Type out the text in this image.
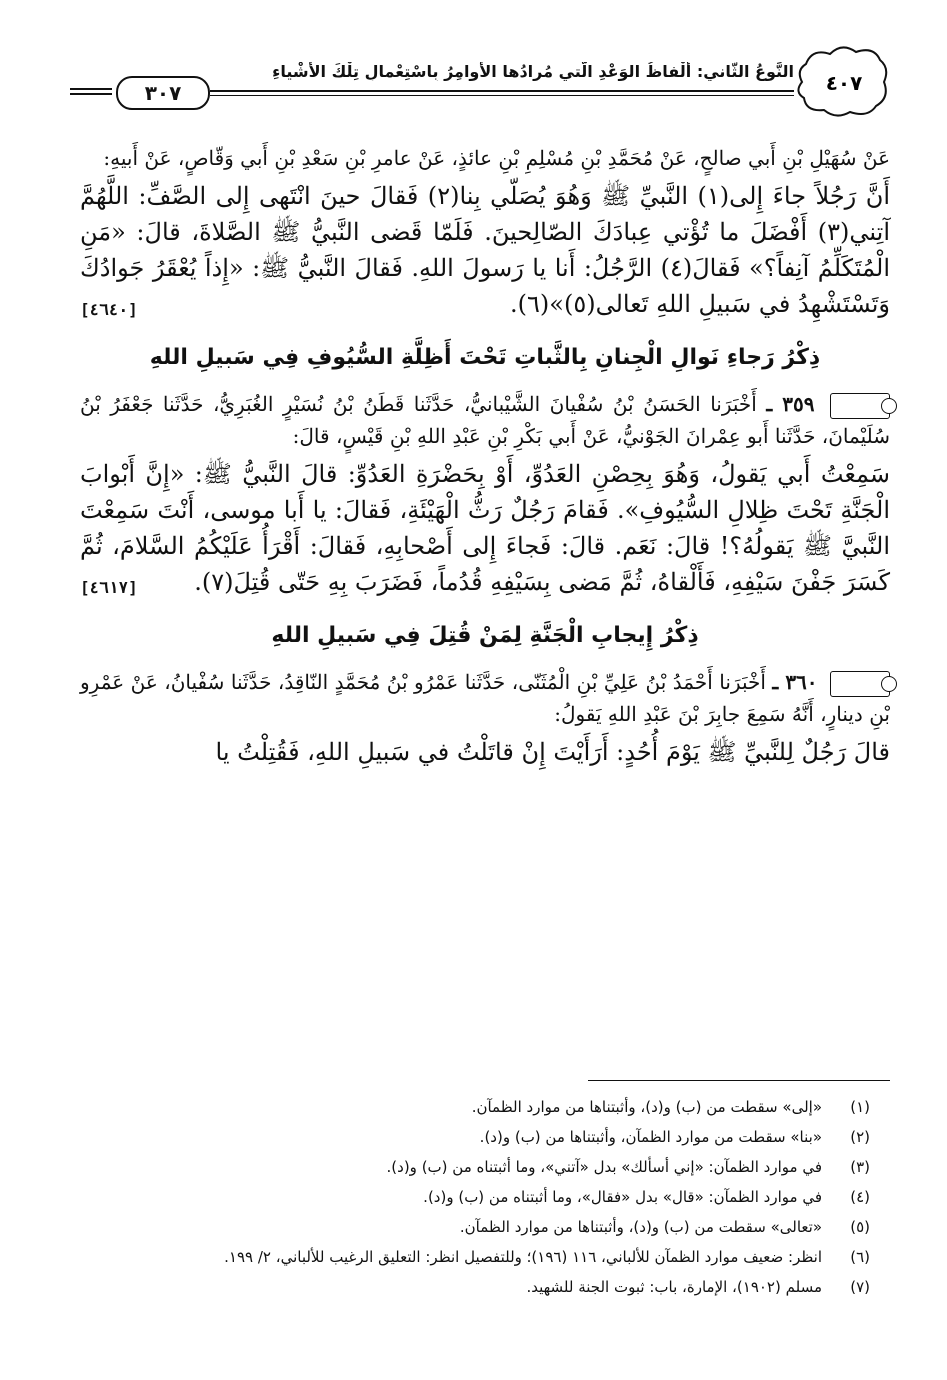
٤٠٧
النَّوعُ الثَّاني: أَلْفاظُ الوَعْدِ الَّتي مُرادُها الأَوامِرُ بِاسْتِعْمالِ تِلْكَ الأَشْياءِ
٣٠٧

عَنْ سُهَيْلِ بْنِ أَبي صالحٍ، عَنْ مُحَمَّدِ بْنِ مُسْلِمِ بْنِ عائذٍ، عَنْ عامرِ بْنِ سَعْدِ بْنِ أَبي وَقّاصٍ، عَنْ أَبيهِ:

أَنَّ رَجُلاً جاءَ إِلى(١) النَّبيِّ ﷺ وَهُوَ يُصَلّي بِنا(٢) فَقالَ حينَ انْتَهى إِلى الصَّفِّ: اللَّهُمَّ آتِني(٣) أَفْضَلَ ما تُؤْتي عِبادَكَ الصّالِحينَ. فَلَمّا قَضى النَّبيُّ ﷺ الصَّلاةَ، قالَ: «مَنِ الْمُتَكَلِّمُ آنِفاً؟» فَقالَ(٤) الرَّجُلُ: أَنا يا رَسولَ اللهِ. فَقالَ النَّبيُّ ﷺ: «إِذاً يُعْقَرُ جَوادُكَ وَتَسْتَشْهِدُ في سَبيلِ اللهِ تَعالى(٥)»(٦).
[٤٦٤٠]

ذِكْرُ رَجاءِ نَوالِ الْجِنانِ بِالثَّباتِ تَحْتَ أَظِلَّةِ السُّيُوفِ فِي سَبيلِ اللهِ

٣٥٩ ـ أَخْبَرَنا الحَسَنُ بْنُ سُفْيانَ الشَّيْبانيُّ، حَدَّثَنا قَطَنُ بْنُ نُسَيْرٍ الغُبَرِيُّ، حَدَّثَنا جَعْفَرُ بْنُ سُلَيْمانَ، حَدَّثَنا أَبو عِمْرانَ الجَوْنيُّ، عَنْ أَبي بَكْرِ بْنِ عَبْدِ اللهِ بْنِ قَيْسٍ، قالَ:

سَمِعْتُ أَبي يَقولُ، وَهُوَ بِحِصْنِ العَدُوِّ، أَوْ بِحَضْرَةِ العَدُوِّ: قالَ النَّبيُّ ﷺ: «إِنَّ أَبْوابَ الْجَنَّةِ تَحْتَ ظِلالِ السُّيُوفِ». فَقامَ رَجُلٌ رَثُّ الْهَيْئَةِ، فَقالَ: يا أَبا موسى، أَنْتَ سَمِعْتَ النَّبيَّ ﷺ يَقولُهُ؟! قالَ: نَعَم. قالَ: فَجاءَ إِلى أَصْحابِهِ، فَقالَ: أَقْرَأُ عَلَيْكُمُ السَّلامَ، ثُمَّ كَسَرَ جَفْنَ سَيْفِهِ، فَأَلْقاهُ، ثُمَّ مَضى بِسَيْفِهِ قُدُماً، فَضَرَبَ بِهِ حَتّى قُتِلَ(٧).
[٤٦١٧]

ذِكْرُ إِيجابِ الْجَنَّةِ لِمَنْ قُتِلَ فِي سَبيلِ اللهِ

٣٦٠ ـ أَخْبَرَنا أَحْمَدُ بْنُ عَلِيِّ بْنِ الْمُثَنّى، حَدَّثَنا عَمْرُو بْنُ مُحَمَّدٍ النّاقِدُ، حَدَّثَنا سُفْيانُ، عَنْ عَمْرِو بْنِ دينارٍ، أَنَّهُ سَمِعَ جابِرَ بْنَ عَبْدِ اللهِ يَقولُ:

قالَ رَجُلٌ لِلنَّبيِّ ﷺ يَوْمَ أُحُدٍ: أَرَأَيْتَ إِنْ قاتَلْتُ في سَبيلِ اللهِ، فَقُتِلْتُ يا

(١)
«إلى» سقطت من (ب) و(د)، وأثبتناها من موارد الظمآن.
(٢)
«بنا» سقطت من موارد الظمآن، وأثبتناها من (ب) و(د).
(٣)
في موارد الظمآن: «إني أسألك» بدل «آتني»، وما أثبتناه من (ب) و(د).
(٤)
في موارد الظمآن: «قال» بدل «فقال»، وما أثبتناه من (ب) و(د).
(٥)
«تعالى» سقطت من (ب) و(د)، وأثبتناها من موارد الظمآن.
(٦)
انظر: ضعيف موارد الظمآن للألباني، ١١٦ (١٩٦)؛ وللتفصيل انظر: التعليق الرغيب للألباني، ٢/ ١٩٩.
(٧)
مسلم (١٩٠٢)، الإمارة، باب: ثبوت الجنة للشهيد.
